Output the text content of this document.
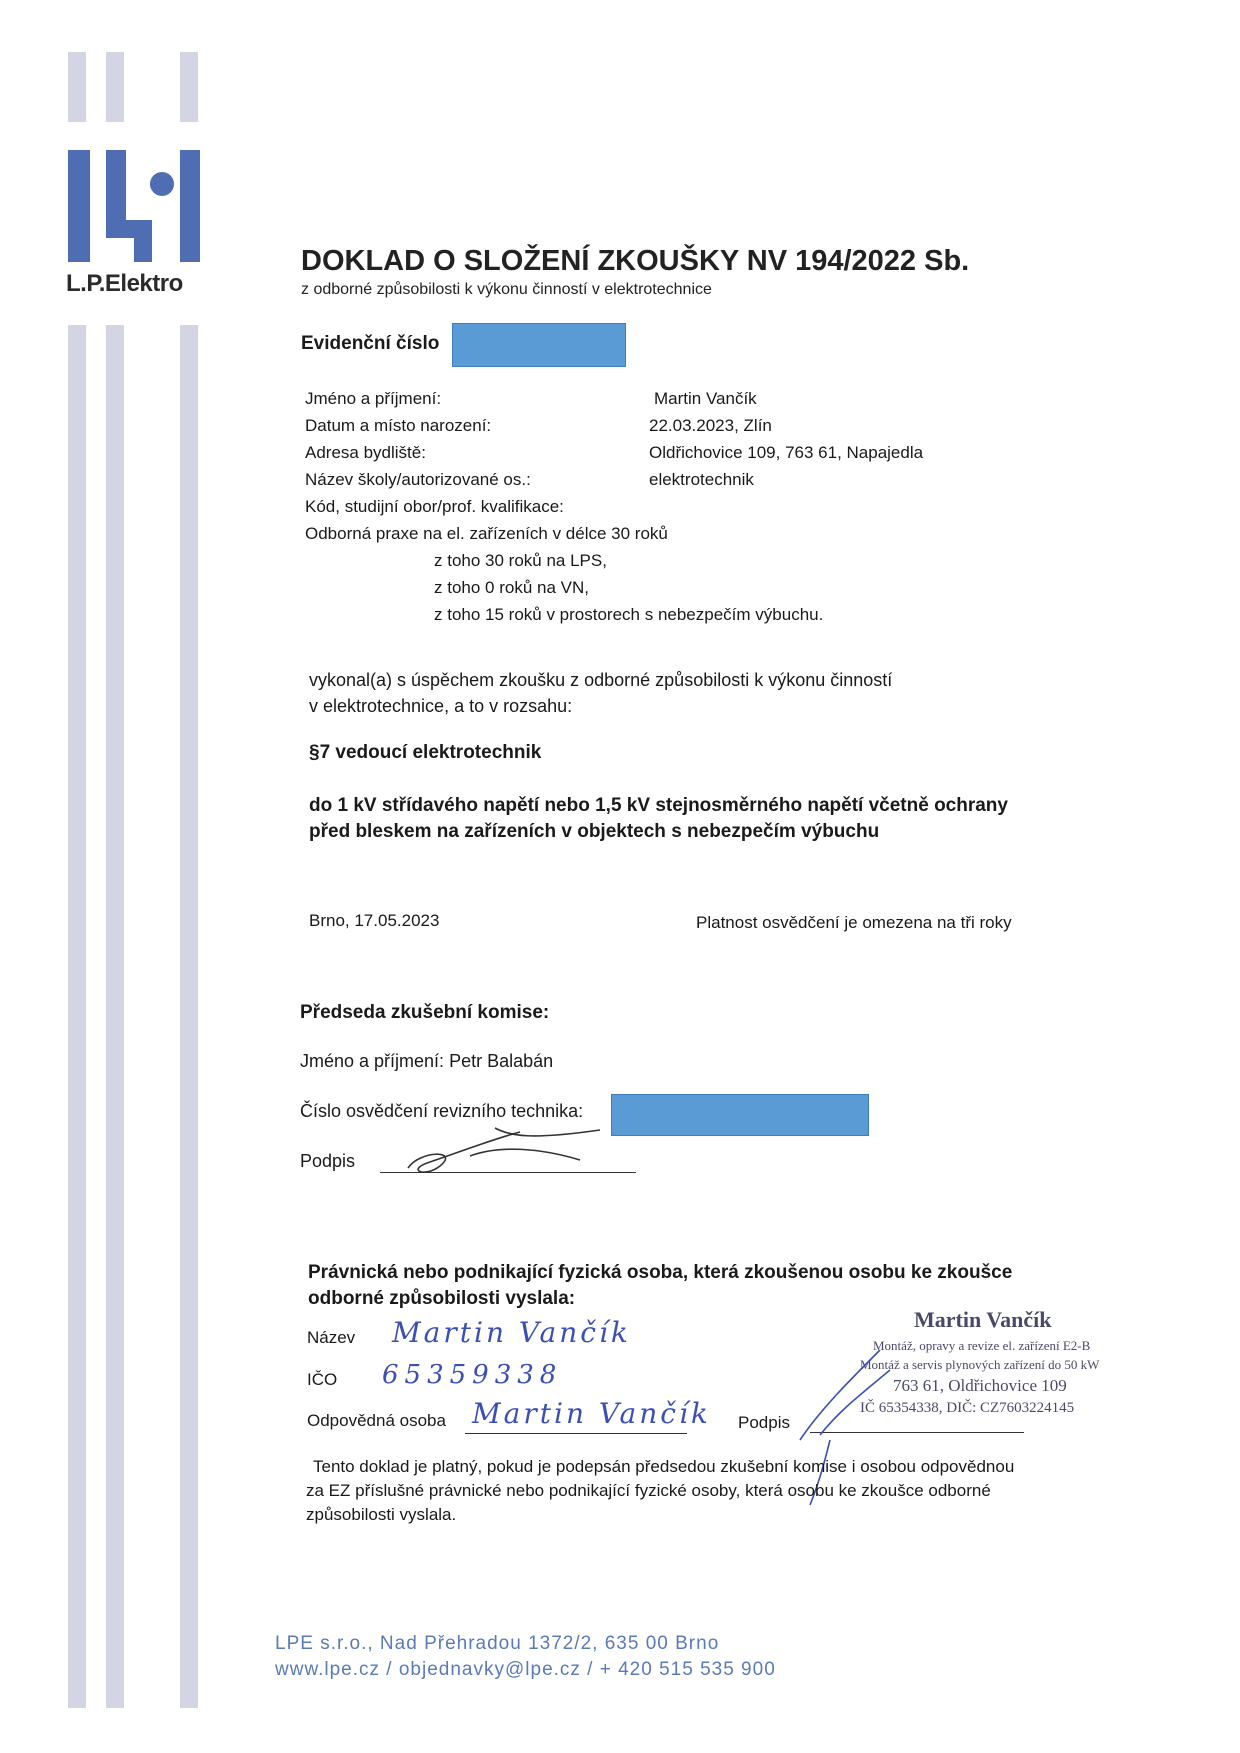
L.P.Elektro
DOKLAD O SLOŽENÍ ZKOUŠKY NV 194/2022 Sb.
z odborné způsobilosti k výkonu činností v elektrotechnice
Evidenční číslo
Jméno a příjmení:	Martin Vančík
Datum a místo narození:	22.03.2023, Zlín
Adresa bydliště:	Oldřichovice 109, 763 61, Napajedla
Název školy/autorizované os.:	elektrotechnik
Kód, studijní obor/prof. kvalifikace:
Odborná praxe na el. zařízeních v délce 30 roků
z toho 30 roků na LPS,
z toho 0 roků na VN,
z toho 15 roků v prostorech s nebezpečím výbuchu.
vykonal(a) s úspěchem zkoušku z odborné způsobilosti k výkonu činností
v elektrotechnice, a to v rozsahu:
§7 vedoucí elektrotechnik
do 1 kV střídavého napětí nebo 1,5 kV stejnosměrného napětí včetně ochrany
před bleskem na zařízeních v objektech s nebezpečím výbuchu
Brno, 17.05.2023	Platnost osvědčení je omezena na tři roky
Předseda zkušební komise:
Jméno a příjmení: Petr Balabán
Číslo osvědčení revizního technika:
Podpis
Právnická nebo podnikající fyzická osoba, která zkoušenou osobu ke zkoušce
odborné způsobilosti vyslala:
Název Martin Vančík
IČO 65359338
Odpovědná osoba Martin Vančík Podpis
Martin Vančík
Montáž, opravy a revize el. zařízení E2-B
Montáž a servis plynových zařízení do 50 kW
763 61, Oldřichovice 109
IČ 65354338, DIČ: CZ7603224145
Tento doklad je platný, pokud je podepsán předsedou zkušební komise i osobou odpovědnou
za EZ příslušné právnické nebo podnikající fyzické osoby, která osobu ke zkoušce odborné
způsobilosti vyslala.
LPE s.r.o., Nad Přehradou 1372/2, 635 00 Brno
www.lpe.cz / objednavky@lpe.cz / + 420 515 535 900
